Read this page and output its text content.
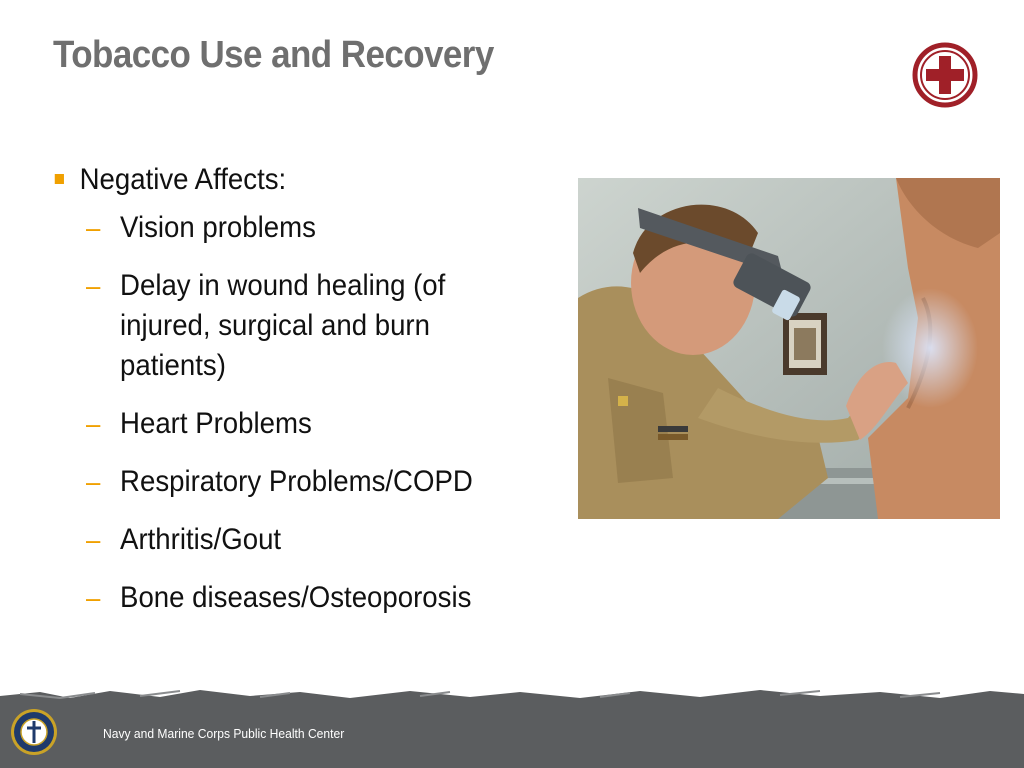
Tobacco Use and Recovery
Negative Affects:
– Vision problems
– Delay in wound healing (of injured, surgical and burn patients)
– Heart Problems
– Respiratory Problems/COPD
– Arthritis/Gout
– Bone diseases/Osteoporosis
Navy and Marine Corps Public Health Center
